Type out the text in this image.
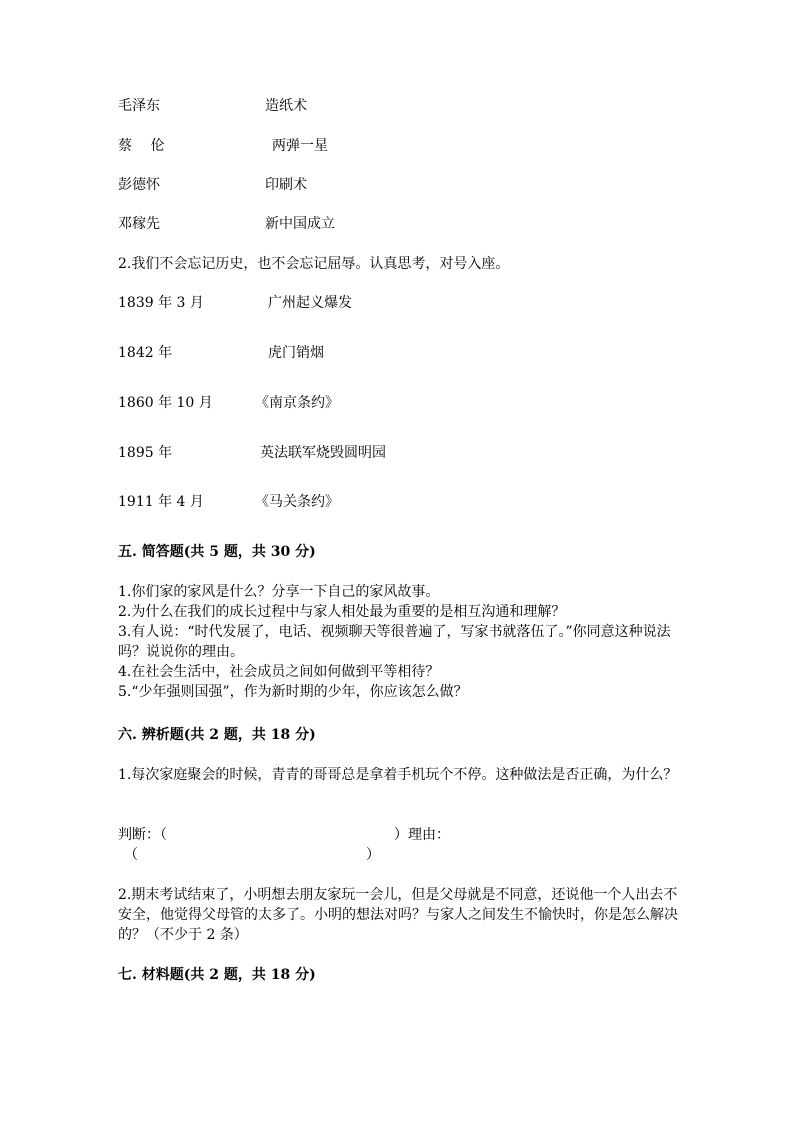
毛泽东	造纸术
蔡　 伦	两弹一星
彭德怀	印刷术
邓稼先	新中国成立
2.我们不会忘记历史，也不会忘记屈辱。认真思考，对号入座。
1839 年 3 月	广州起义爆发
1842 年	虎门销烟
1860 年 10 月	《南京条约》
1895 年	英法联军烧毁圆明园
1911 年 4 月	《马关条约》
五. 简答题(共 5 题，共 30 分)
1.你们家的家风是什么？分享一下自己的家风故事。
2.为什么在我们的成长过程中与家人相处最为重要的是相互沟通和理解？
3.有人说：“时代发展了，电话、视频聊天等很普遍了，写家书就落伍了。”你同意这种说法吗？说说你的理由。
4.在社会生活中，社会成员之间如何做到平等相待？
5.“少年强则国强”，作为新时期的少年，你应该怎么做？
六. 辨析题(共 2 题，共 18 分)
1.每次家庭聚会的时候，青青的哥哥总是拿着手机玩个不停。这种做法是否正确，为什么？
判断：（	）理由：
（	）
2.期末考试结束了，小明想去朋友家玩一会儿，但是父母就是不同意，还说他一个人出去不安全，他觉得父母管的太多了。小明的想法对吗？与家人之间发生不愉快时，你是怎么解决的？（不少于 2 条）
七. 材料题(共 2 题，共 18 分)
